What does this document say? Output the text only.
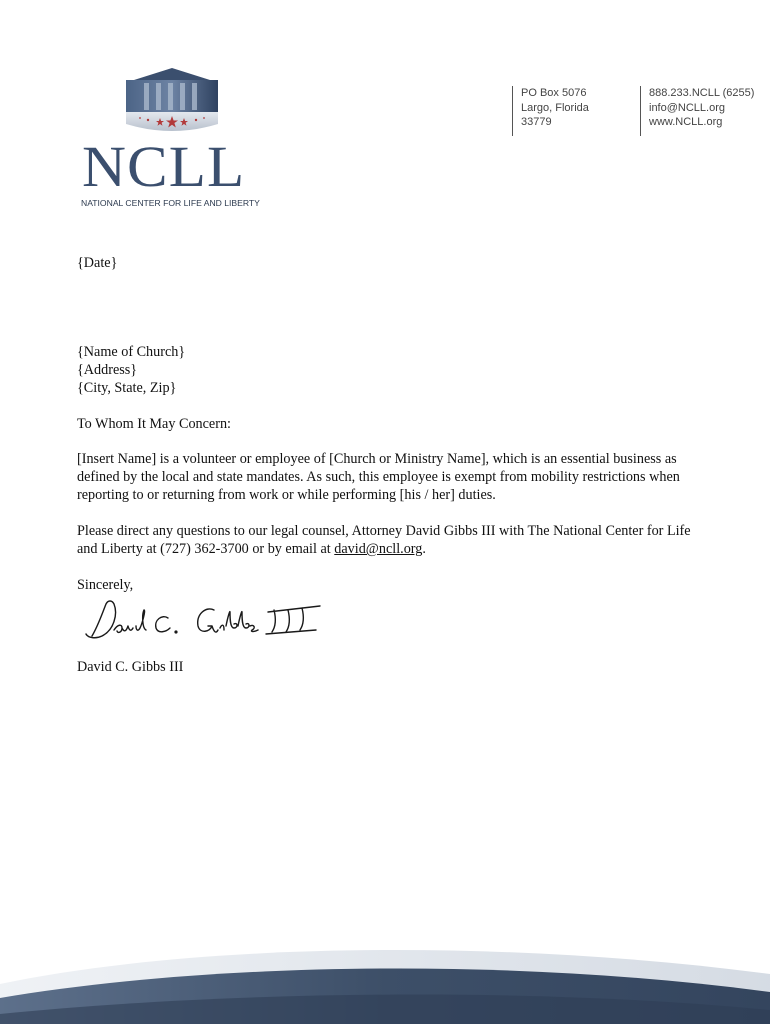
NCLL
NATIONAL CENTER FOR LIFE AND LIBERTY
PO Box 5076
Largo, Florida
33779
888.233.NCLL (6255)
info@NCLL.org
www.NCLL.org
{Date}
{Name of Church}
{Address}
{City, State, Zip}
To Whom It May Concern:
[Insert Name] is a volunteer or employee of [Church or Ministry Name], which is an essential business as defined by the local and state mandates. As such, this employee is exempt from mobility restrictions when reporting to or returning from work or while performing [his / her] duties.
Please direct any questions to our legal counsel, Attorney David Gibbs III with The National Center for Life and Liberty at (727) 362-3700 or by email at david@ncll.org.
Sincerely,
David C. Gibbs III
